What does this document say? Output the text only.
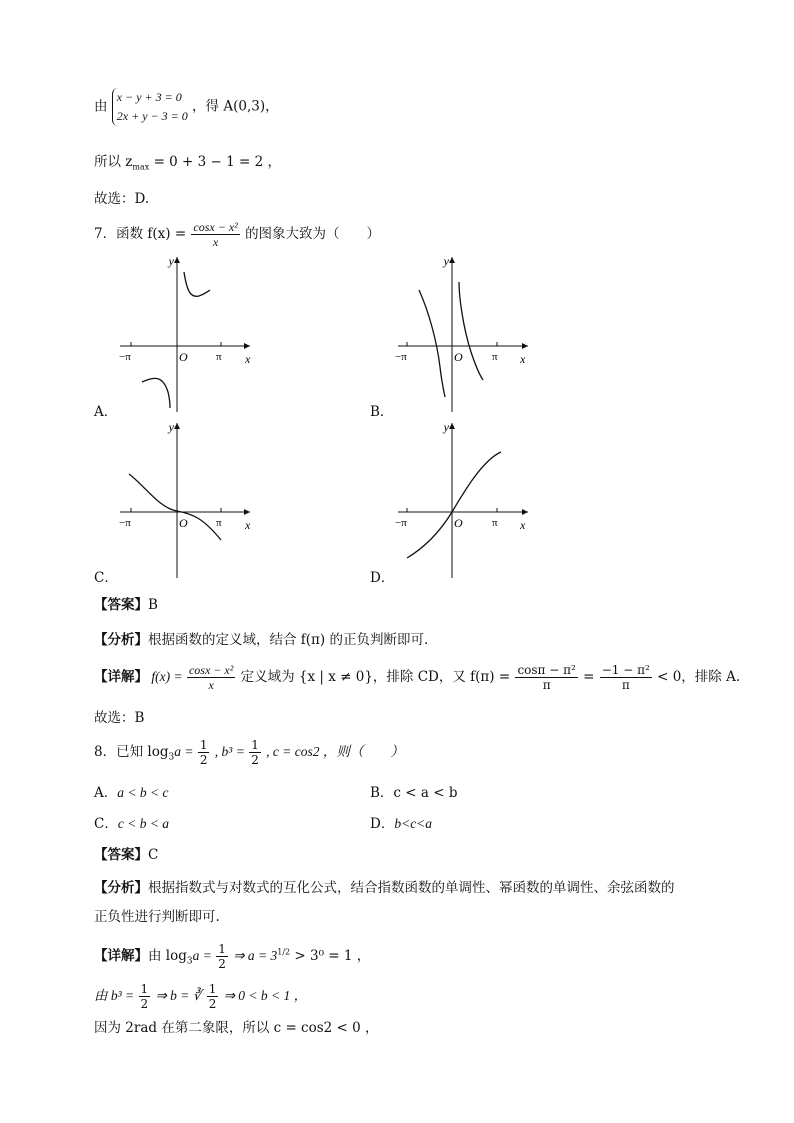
由
x − y + 3 = 0
2x + y − 3 = 0
，得 A(0,3)，
所以 $z_{max} = 0 + 3 - 1 = 2$ ，
故选：D.
7．函数 $f(x) = \frac{\text{cosx − x²}}{x}$ 的图象大致为（　　）
y
x
O
−π	π
A．
y
x
O
−π	π
B．
y
x
O
−π	π
C．
y
x
O
−π	π
D．
【答案】B
【分析】根据函数的定义域，结合 f(π) 的正负判断即可.
【详解】 $f(x) = \frac{\text{cosx − x²}}{x}$ 定义域为 {x | x ≠ 0}，排除 CD，又 $f(\pi) = \frac{\text{cosπ − π²}}{\pi} = \frac{\text{−1 − π²}}{\pi} < 0$，排除 A.
故选：B
8．已知 $\log_3a = \frac{1}{2}$ , $b^3 = \frac{1}{2}$ , c = cos2 ，则（　　）
A．a < b < c	B．c < a < b
C．c < b < a	D．b<c<a
【答案】C
【分析】根据指数式与对数式的互化公式，结合指数函数的单调性、幂函数的单调性、余弦函数的
正负性进行判断即可.
【详解】由 $\log_3a = \frac{1}{2}$ ⇒ $a = 3^{1/2} > 3^0 = 1$ ，
由 $b^3 = \frac{1}{2}$ ⇒ b = ∛ $\frac{1}{2}$ ⇒ 0 < b < 1 ，
因为 2rad 在第二象限，所以 c = cos2 < 0 ，
